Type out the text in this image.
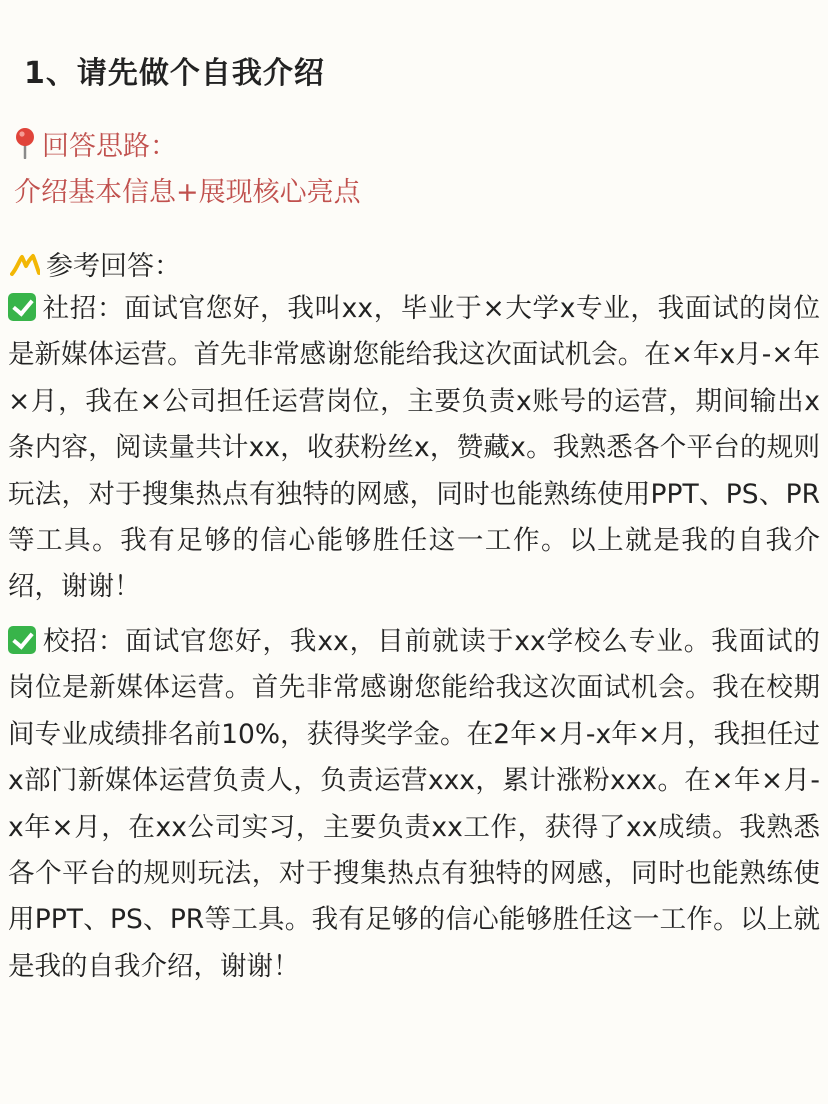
1、请先做个自我介绍
回答思路：
介绍基本信息+展现核心亮点
参考回答：
社招：面试官您好，我叫xx，毕业于×大学x专业，我面试的岗位是新媒体运营。首先非常感谢您能给我这次面试机会。在×年x月-×年×月，我在×公司担任运营岗位，主要负责x账号的运营，期间输出x条内容，阅读量共计xx，收获粉丝x，赞藏x。我熟悉各个平台的规则玩法，对于搜集热点有独特的网感，同时也能熟练使用PPT、PS、PR等工具。我有足够的信心能够胜任这一工作。以上就是我的自我介绍，谢谢！
校招：面试官您好，我xx，目前就读于xx学校么专业。我面试的岗位是新媒体运营。首先非常感谢您能给我这次面试机会。我在校期间专业成绩排名前10%，获得奖学金。在2年×月-x年×月，我担任过x部门新媒体运营负责人，负责运营xxx，累计涨粉xxx。在×年×月-x年×月，在xx公司实习，主要负责xx工作，获得了xx成绩。我熟悉各个平台的规则玩法，对于搜集热点有独特的网感，同时也能熟练使用PPT、PS、PR等工具。我有足够的信心能够胜任这一工作。以上就是我的自我介绍，谢谢！
